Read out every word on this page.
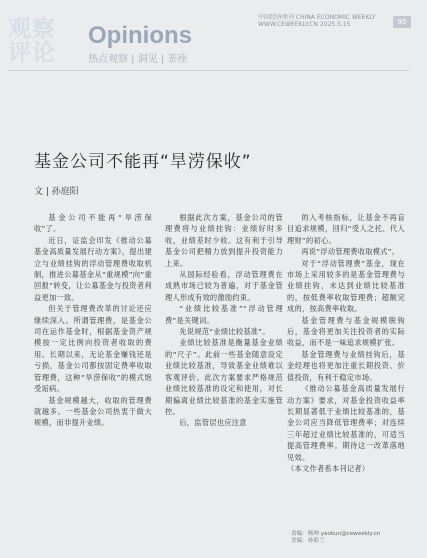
观 察
评 论
Opinions
热点观察 | 洞见 | 茶座
中国经济周刊 CHINA ECONOMIC WEEKLY
WWW.CEWEEKLY.CN 2025.5.15	95
基金公司不能再“旱涝保收”
文 | 孙庭阳

基金公司不能再“旱涝保收”了。

近日，证监会印发《推动公募基金高质量发展行动方案》，提出建立与业绩挂钩的浮动管理费收取机制，推进公募基金从“重规模”向“重回报”转变，让公募基金与投资者利益更加一致。

但关于管理费改革的讨论还应继续深入。所谓管理费，是基金公司在运作基金时，根据基金资产规模按一定比例向投资者收取的费用。长期以来，无论基金赚钱还是亏损，基金公司都按固定费率收取管理费，这种“旱涝保收”的模式饱受诟病。

基金规模越大，收取的管理费就越多。一些基金公司热衷于做大规模，而非提升业绩。

根据此次方案，基金公司的管理费将与业绩挂钩：业绩好时多收，业绩差时少收。这有利于引导基金公司把精力放到提升投资能力上来。

从国际经验看，浮动管理费在成熟市场已较为普遍，对于基金管理人形成有效的激励约束。

“业绩比较基准”“浮动管理费”是关键词。

先说规范“业绩比较基准”。

业绩比较基准是衡量基金业绩的“尺子”。此前一些基金随意设定业绩比较基准，导致基金业绩难以客观评价。此次方案要求严格规范业绩比较基准的设定和使用，对长期偏离业绩比较基准的基金实施管控。

后，监管层也应注意

的入考核指标，让基金不再盲目追求规模，回归“受人之托、代人理财”的初心。

再说“浮动管理费收取模式”。

对于“浮动管理费”基金，现在市场上采用较多的是基金管理费与业绩挂钩，未达到业绩比较基准的，按低费率收取管理费；超额完成的，按高费率收取。

基金管理费与基金规模脱钩后，基金将更加关注投资者的实际收益，而不是一味追求规模扩张。

基金管理费与业绩挂钩后，基金经理也将更加注重长期投资、价值投资，有利于稳定市场。

《推动公募基金高质量发展行动方案》要求，对基金投资收益率长期显著低于业绩比较基准的，基金公司应当降低管理费率；对连续三年超过业绩比较基准的，可适当提高管理费率。期待这一改革落地见效。

（本文作者系本刊记者）

责编：杨坤 yaokun@ceweekly.cn
美编：孙彩兰
